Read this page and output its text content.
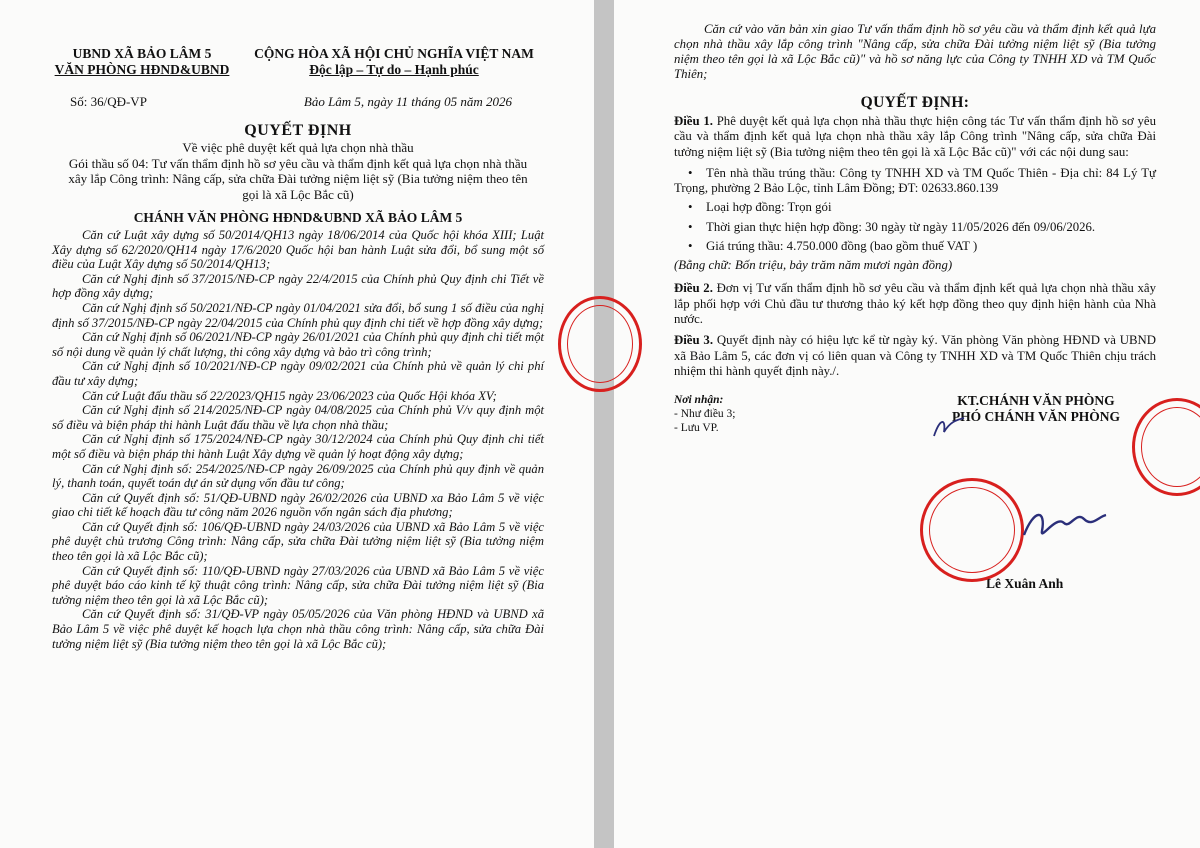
UBND XÃ BẢO LÂM 5
VĂN PHÒNG HĐND&UBND
CỘNG HÒA XÃ HỘI CHỦ NGHĨA VIỆT NAM
Độc lập – Tự do – Hạnh phúc
Số: 36/QĐ-VP	Bảo Lâm 5, ngày 11 tháng 05 năm 2026
QUYẾT ĐỊNH
Về việc phê duyệt kết quả lựa chọn nhà thầu
Gói thầu số 04: Tư vấn thẩm định hồ sơ yêu cầu và thẩm định kết quả lựa chọn nhà thầu xây lắp Công trình: Nâng cấp, sửa chữa Đài tưởng niệm liệt sỹ (Bia tưởng niệm theo tên gọi là xã Lộc Bắc cũ)
CHÁNH VĂN PHÒNG HĐND&UBND XÃ BẢO LÂM 5

Căn cứ Luật xây dựng số 50/2014/QH13 ngày 18/06/2014 của Quốc hội khóa XIII; Luật Xây dựng số 62/2020/QH14 ngày 17/6/2020 Quốc hội ban hành Luật sửa đổi, bổ sung một số điều của Luật Xây dựng số 50/2014/QH13;

Căn cứ Nghị định số 37/2015/NĐ-CP ngày 22/4/2015 của Chính phủ Quy định chi Tiết về hợp đồng xây dựng;

Căn cứ Nghị định số 50/2021/NĐ-CP ngày 01/04/2021 sửa đổi, bổ sung 1 số điều của nghị định số 37/2015/NĐ-CP ngày 22/04/2015 của Chính phủ quy định chi tiết về hợp đồng xây dựng;

Căn cứ Nghị định số 06/2021/NĐ-CP ngày 26/01/2021 của Chính phủ quy định chi tiết một số nội dung về quản lý chất lượng, thi công xây dựng và bảo trì công trình;

Căn cứ Nghị định số 10/2021/NĐ-CP ngày 09/02/2021 của Chính phủ về quản lý chi phí đầu tư xây dựng;

Căn cứ Luật đấu thầu số 22/2023/QH15 ngày 23/06/2023 của Quốc Hội khóa XV;

Căn cứ Nghị định số 214/2025/NĐ-CP ngày 04/08/2025 của Chính phủ V/v quy định một số điều và biện pháp thi hành Luật đấu thầu về lựa chọn nhà thầu;

Căn cứ Nghị định số 175/2024/NĐ-CP ngày 30/12/2024 của Chính phủ Quy định chi tiết một số điều và biện pháp thi hành Luật Xây dựng về quản lý hoạt động xây dựng;

Căn cứ Nghị định số: 254/2025/NĐ-CP ngày 26/09/2025 của Chính phủ quy định về quản lý, thanh toán, quyết toán dự án sử dụng vốn đầu tư công;

Căn cứ Quyết định số: 51/QĐ-UBND ngày 26/02/2026 của UBND xa Bảo Lâm 5 về việc giao chi tiết kế hoạch đầu tư công năm 2026 nguồn vốn ngân sách địa phương;

Căn cứ Quyết định số: 106/QĐ-UBND ngày 24/03/2026 của UBND xã Bảo Lâm 5 về việc phê duyệt chủ trương Công trình: Nâng cấp, sửa chữa Đài tưởng niệm liệt sỹ (Bia tưởng niệm theo tên gọi là xã Lộc Bắc cũ);

Căn cứ Quyết định số: 110/QĐ-UBND ngày 27/03/2026 của UBND xã Bảo Lâm 5 về việc phê duyệt báo cáo kinh tế kỹ thuật công trình: Nâng cấp, sửa chữa Đài tưởng niệm liệt sỹ (Bia tưởng niệm theo tên gọi là xã Lộc Bắc cũ);

Căn cứ Quyết định số: 31/QĐ-VP ngày 05/05/2026 của Văn phòng HĐND và UBND xã Bảo Lâm 5 về việc phê duyệt kế hoạch lựa chọn nhà thầu công trình: Nâng cấp, sửa chữa Đài tưởng niệm liệt sỹ (Bia tưởng niệm theo tên gọi là xã Lộc Bắc cũ);

Căn cứ vào văn bản xin giao Tư vấn thẩm định hồ sơ yêu cầu và thẩm định kết quả lựa chọn nhà thầu xây lắp công trình "Nâng cấp, sửa chữa Đài tưởng niệm liệt sỹ (Bia tưởng niệm theo tên gọi là xã Lộc Bắc cũ)" và hồ sơ năng lực của Công ty TNHH XD và TM Quốc Thiên;

QUYẾT ĐỊNH:

Điều 1. Phê duyệt kết quả lựa chọn nhà thầu thực hiện công tác Tư vấn thẩm định hồ sơ yêu cầu và thẩm định kết quả lựa chọn nhà thầu xây lắp Công trình "Nâng cấp, sửa chữa Đài tưởng niệm liệt sỹ (Bia tưởng niệm theo tên gọi là xã Lộc Bắc cũ)" với các nội dung sau:

• Tên nhà thầu trúng thầu: Công ty TNHH XD và TM Quốc Thiên - Địa chỉ: 84 Lý Tự Trọng, phường 2 Bảo Lộc, tỉnh Lâm Đồng; ĐT: 02633.860.139
• Loại hợp đồng: Trọn gói
• Thời gian thực hiện hợp đồng: 30 ngày từ ngày 11/05/2026 đến 09/06/2026.
• Giá trúng thầu: 4.750.000 đồng (bao gồm thuế VAT )
(Bằng chữ: Bốn triệu, bảy trăm năm mươi ngàn đồng)

Điều 2. Đơn vị Tư vấn thẩm định hồ sơ yêu cầu và thẩm định kết quả lựa chọn nhà thầu xây lắp phối hợp với Chủ đầu tư thương thảo ký kết hợp đồng theo quy định hiện hành của Nhà nước.

Điều 3. Quyết định này có hiệu lực kể từ ngày ký. Văn phòng Văn phòng HĐND và UBND xã Bảo Lâm 5, các đơn vị có liên quan và Công ty TNHH XD và TM Quốc Thiên chịu trách nhiệm thi hành quyết định này./.

Nơi nhận:
- Như điều 3;
- Lưu VP.
KT.CHÁNH VĂN PHÒNG
PHÓ CHÁNH VĂN PHÒNG
Lê Xuân Anh
